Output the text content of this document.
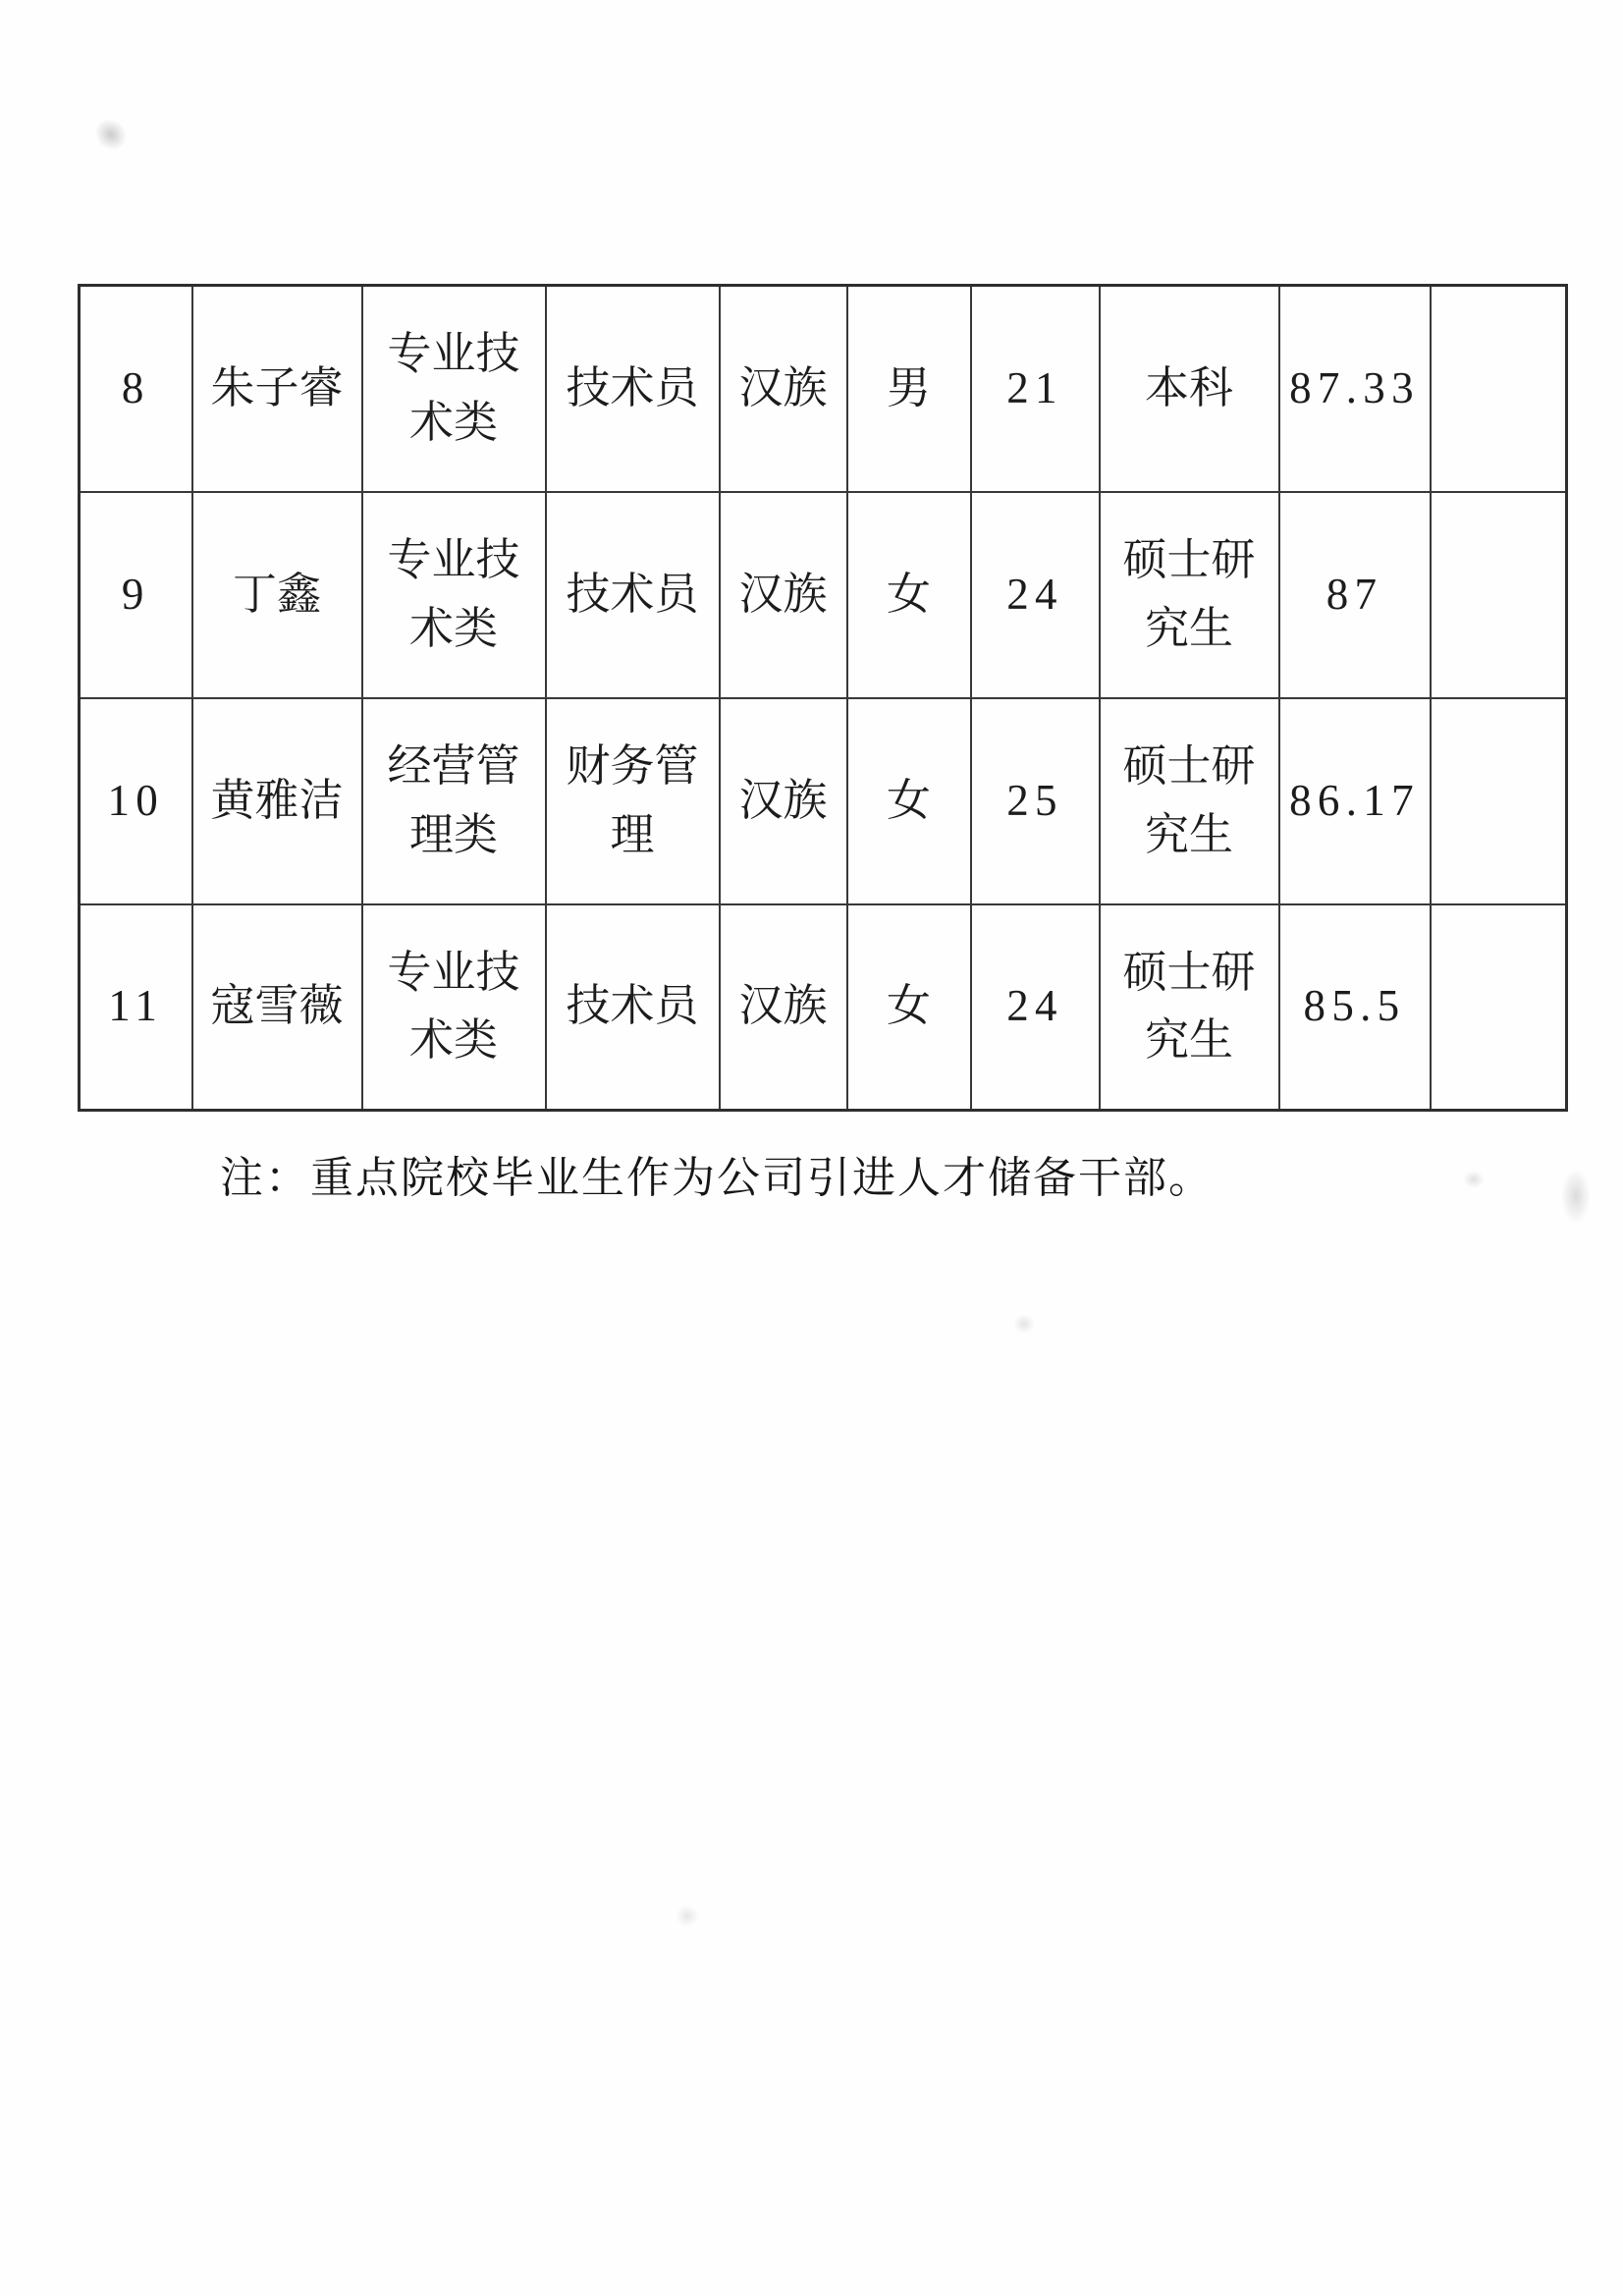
8	朱子睿	专业技术类	技术员	汉族	男	21	本科	87.33	
9	丁鑫	专业技术类	技术员	汉族	女	24	硕士研究生	87	
10	黄雅洁	经营管理类	财务管理	汉族	女	25	硕士研究生	86.17	
11	寇雪薇	专业技术类	技术员	汉族	女	24	硕士研究生	85.5	
注：重点院校毕业生作为公司引进人才储备干部。
